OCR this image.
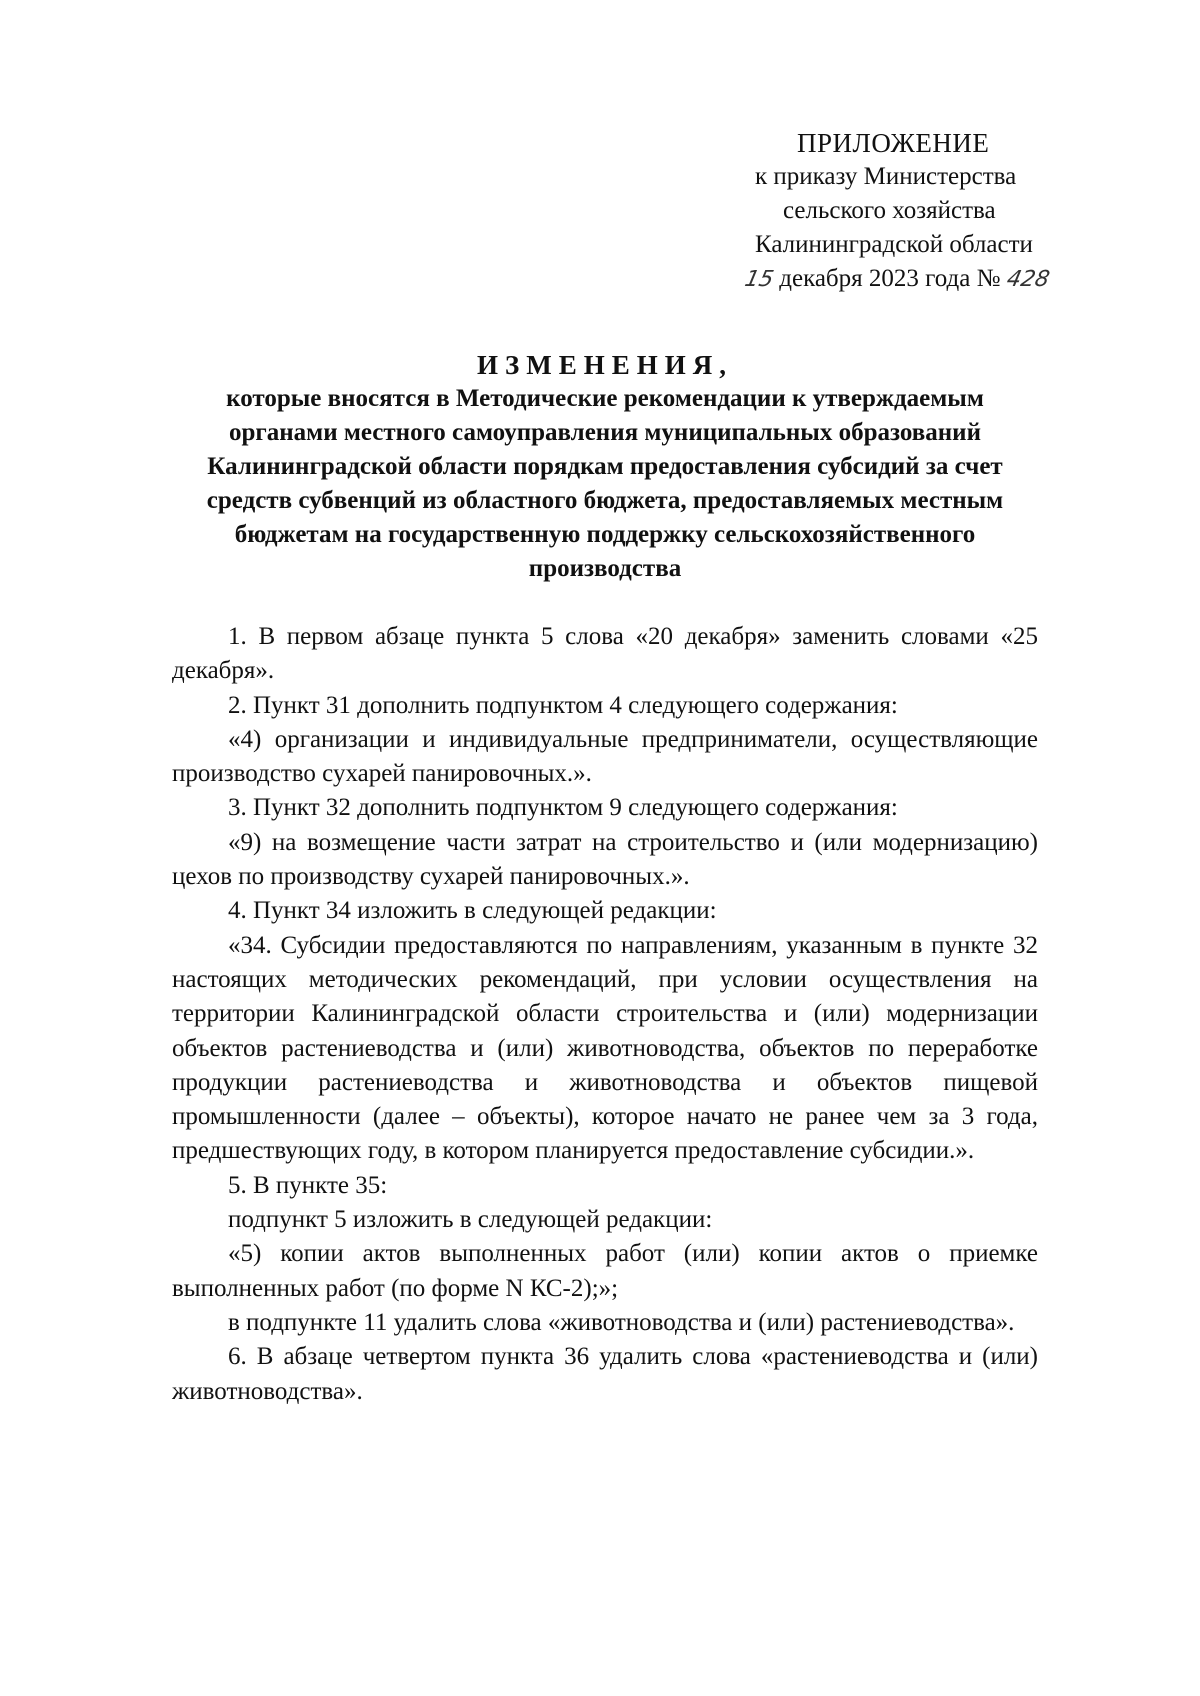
ПРИЛОЖЕНИЕ
к приказу Министерства
сельского хозяйства
Калининградской области
15 декабря 2023 года № 428
ИЗМЕНЕНИЯ,
которые вносятся в Методические рекомендации к утверждаемым
органами местного самоуправления муниципальных образований
Калининградской области порядкам предоставления субсидий за счет
средств субвенций из областного бюджета, предоставляемых местным
бюджетам на государственную поддержку сельскохозяйственного
производства

1. В первом абзаце пункта 5 слова «20 декабря» заменить словами «25 декабря».

2. Пункт 31 дополнить подпунктом 4 следующего содержания:

«4) организации и индивидуальные предприниматели, осуществляющие производство сухарей панировочных.».

3. Пункт 32 дополнить подпунктом 9 следующего содержания:

«9) на возмещение части затрат на строительство и (или модернизацию) цехов по производству сухарей панировочных.».

4. Пункт 34 изложить в следующей редакции:

«34. Субсидии предоставляются по направлениям, указанным в пункте 32 настоящих методических рекомендаций, при условии осуществления на территории Калининградской области строительства и (или) модернизации объектов растениеводства и (или) животноводства, объектов по переработке продукции растениеводства и животноводства и объектов пищевой промышленности (далее – объекты), которое начато не ранее чем за 3 года, предшествующих году, в котором планируется предоставление субсидии.».

5. В пункте 35:

подпункт 5 изложить в следующей редакции:

«5) копии актов выполненных работ (или) копии актов о приемке выполненных работ (по форме N КС-2);»;

в подпункте 11 удалить слова «животноводства и (или) растениеводства».

6. В абзаце четвертом пункта 36 удалить слова «растениеводства и (или) животноводства».
